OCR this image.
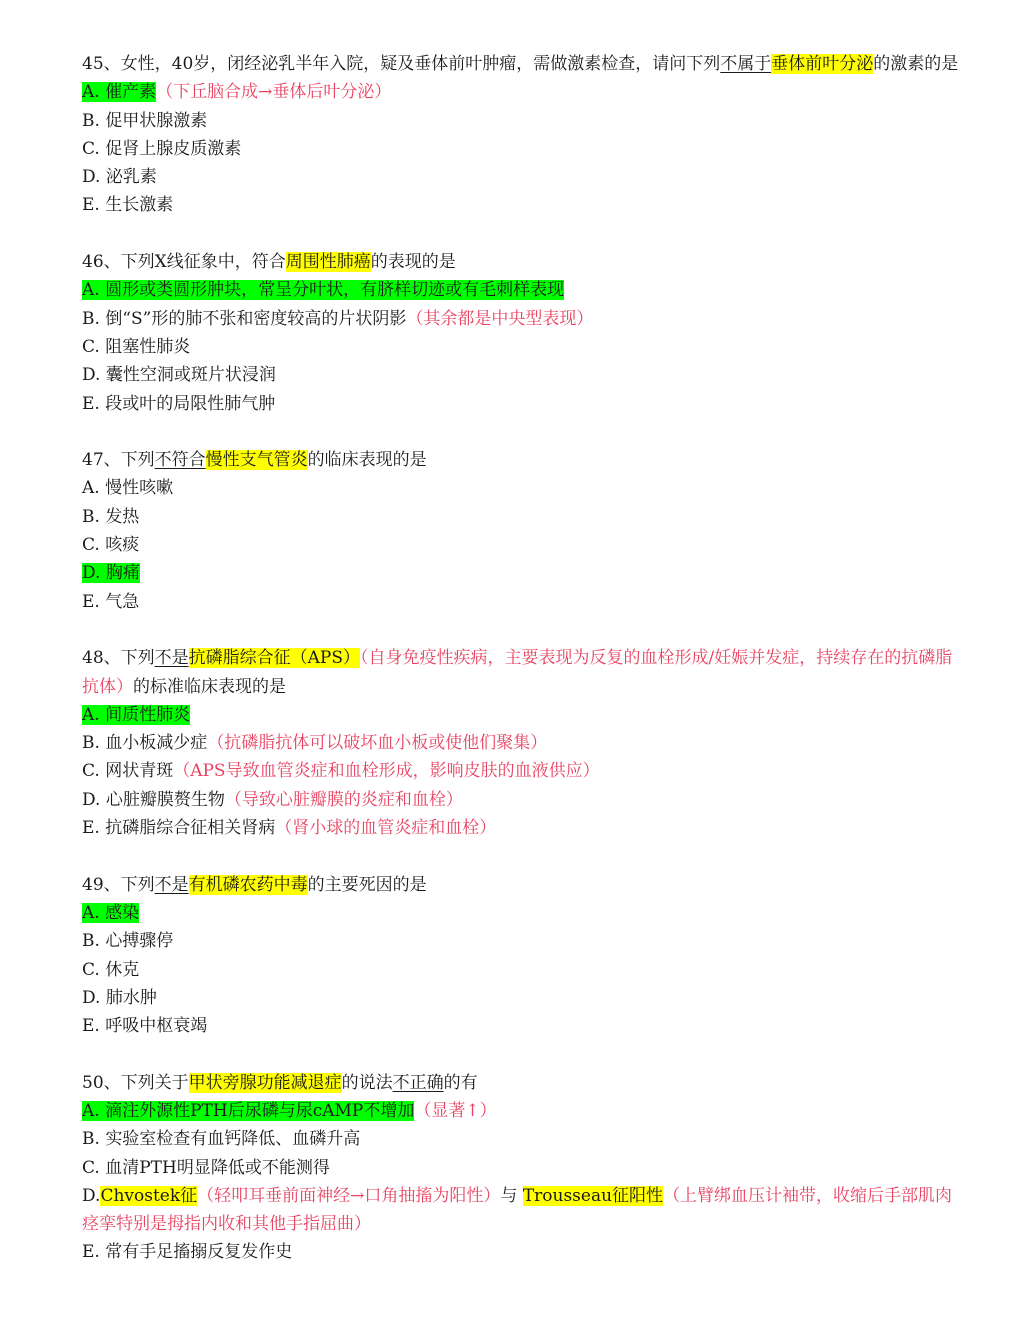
45、女性，40岁，闭经泌乳半年入院，疑及垂体前叶肿瘤，需做激素检查，请问下列不属于垂体前叶分泌的激素的是

A. 催产素（下丘脑合成→垂体后叶分泌）

B. 促甲状腺激素

C. 促肾上腺皮质激素

D. 泌乳素

E. 生长激素

46、下列X线征象中，符合周围性肺癌的表现的是

A. 圆形或类圆形肿块，常呈分叶状，有脐样切迹或有毛刺样表现

B. 倒“S”形的肺不张和密度较高的片状阴影（其余都是中央型表现）

C. 阻塞性肺炎

D. 囊性空洞或斑片状浸润

E. 段或叶的局限性肺气肿

47、下列不符合慢性支气管炎的临床表现的是

A. 慢性咳嗽

B. 发热

C. 咳痰

D. 胸痛

E. 气急

48、下列不是抗磷脂综合征（APS）（自身免疫性疾病，主要表现为反复的血栓形成/妊娠并发症，持续存在的抗磷脂抗体）的标准临床表现的是

A. 间质性肺炎

B. 血小板减少症（抗磷脂抗体可以破坏血小板或使他们聚集）

C. 网状青斑（APS导致血管炎症和血栓形成，影响皮肤的血液供应）

D. 心脏瓣膜赘生物（导致心脏瓣膜的炎症和血栓）

E. 抗磷脂综合征相关肾病（肾小球的血管炎症和血栓）

49、下列不是有机磷农药中毒的主要死因的是

A. 感染

B. 心搏骤停

C. 休克

D. 肺水肿

E. 呼吸中枢衰竭

50、下列关于甲状旁腺功能减退症的说法不正确的有

A. 滴注外源性PTH后尿磷与尿cAMP不增加（显著↑）

B. 实验室检查有血钙降低、血磷升高

C. 血清PTH明显降低或不能测得

D.Chvostek征（轻叩耳垂前面神经→口角抽搐为阳性）与 Trousseau征阳性（上臂绑血压计袖带，收缩后手部肌肉痉挛特别是拇指内收和其他手指屈曲）

E. 常有手足搐搦反复发作史
